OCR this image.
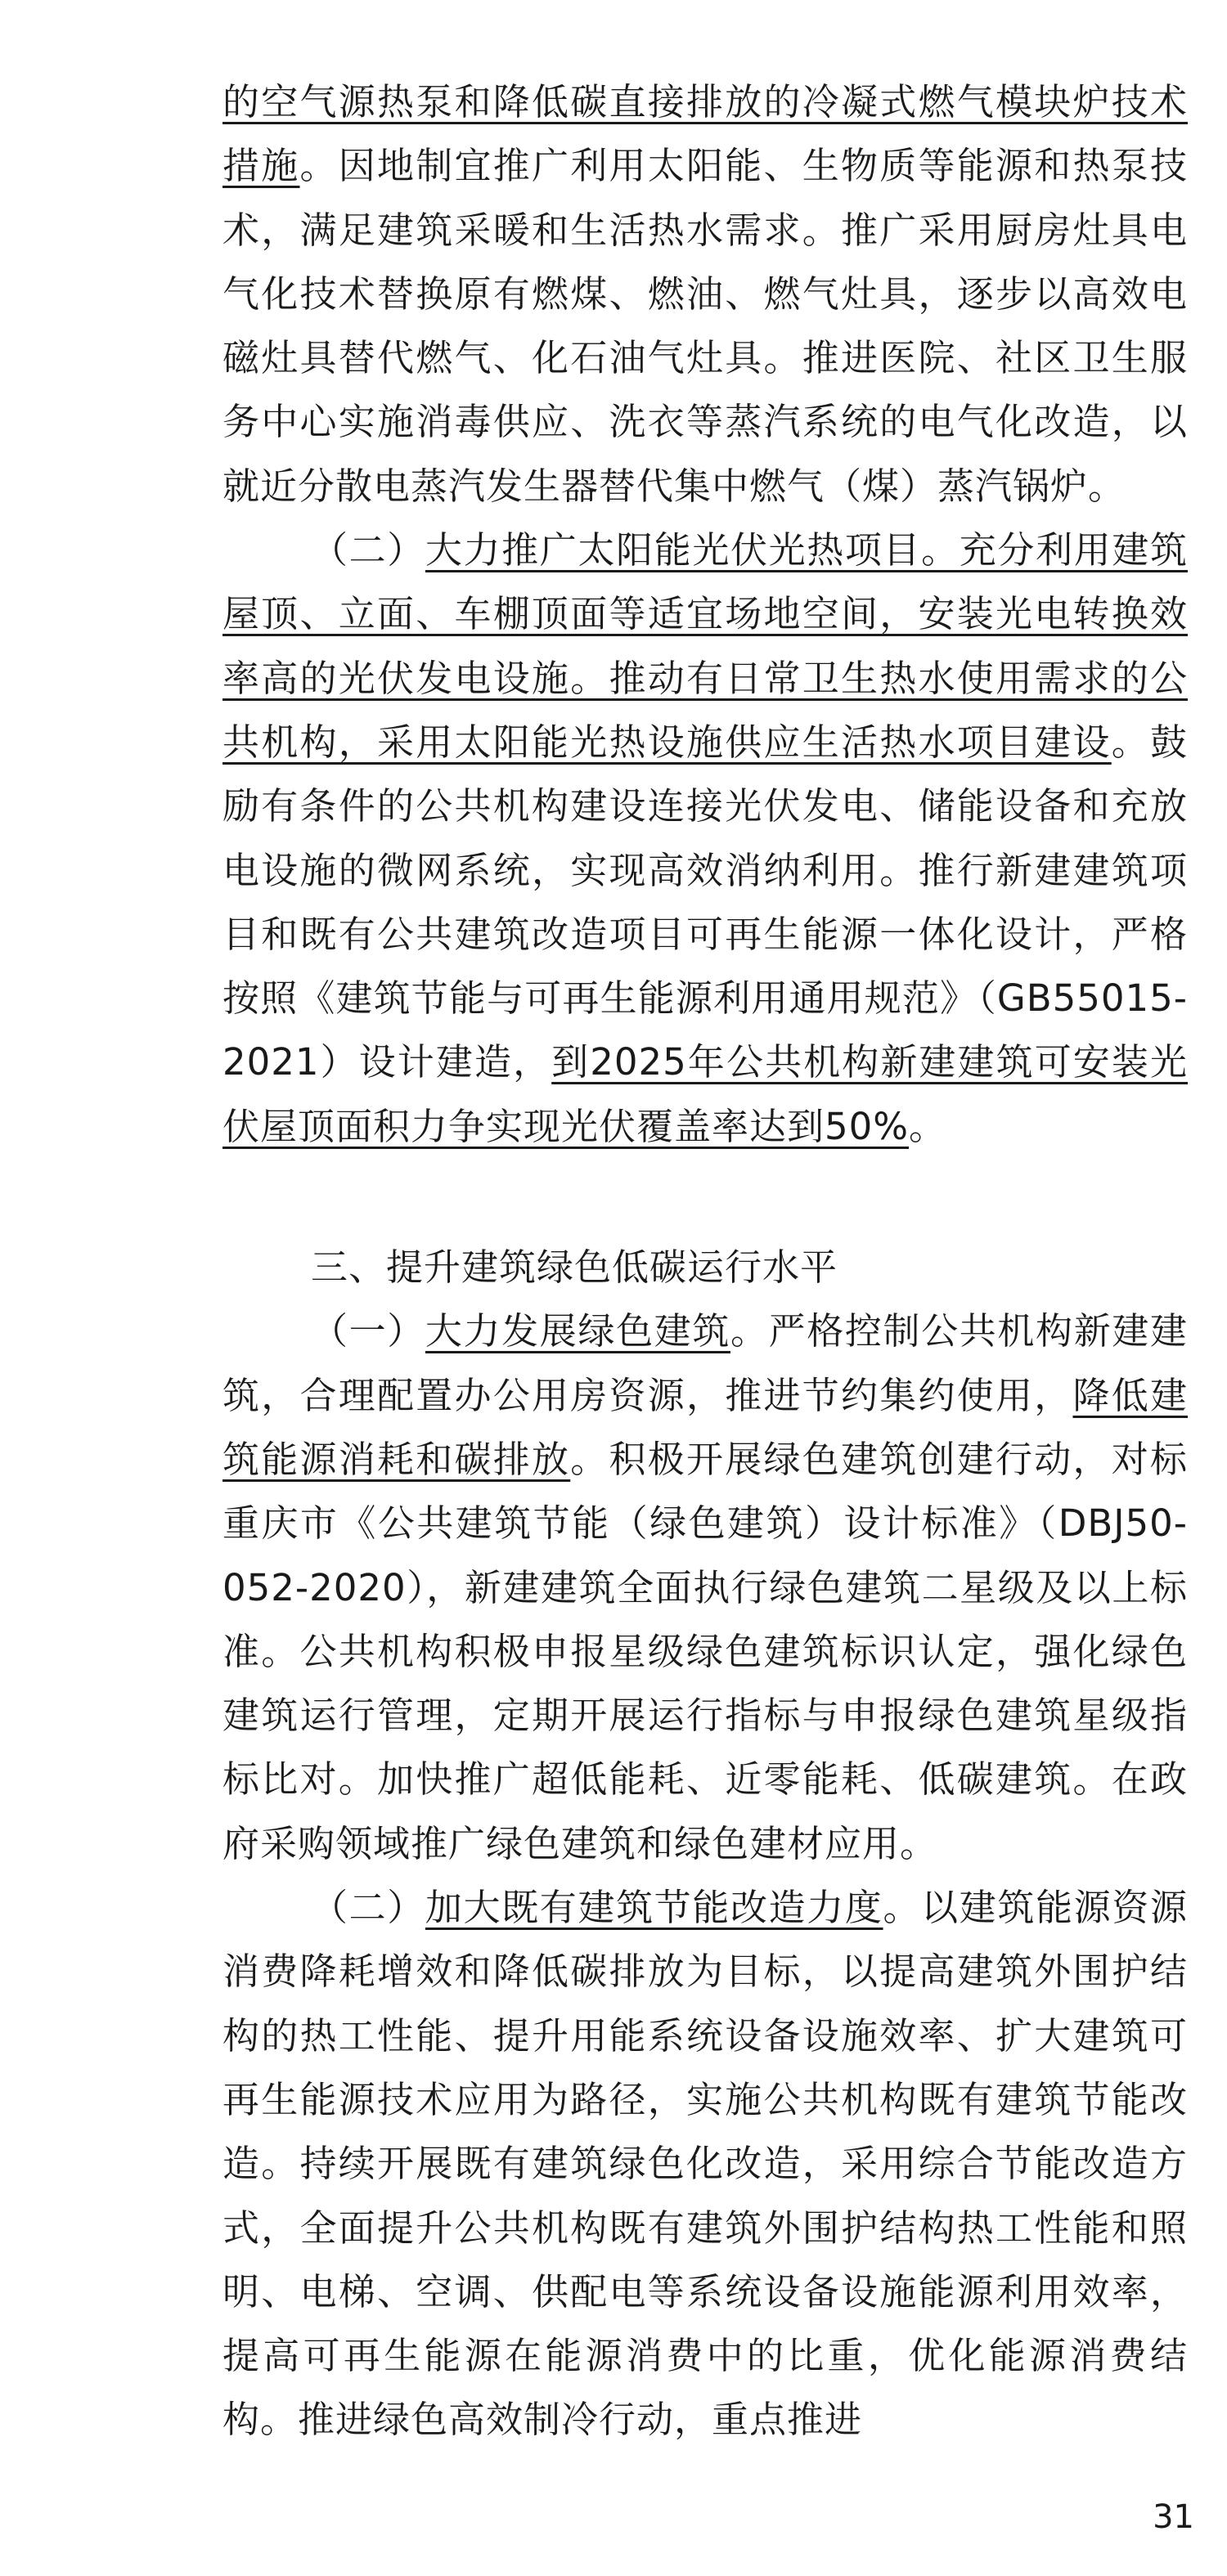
的空气源热泵和降低碳直接排放的冷凝式燃气模块炉技术措施。因地制宜推广利用太阳能、生物质等能源和热泵技术，满足建筑采暖和生活热水需求。推广采用厨房灶具电气化技术替换原有燃煤、燃油、燃气灶具，逐步以高效电磁灶具替代燃气、化石油气灶具。推进医院、社区卫生服务中心实施消毒供应、洗衣等蒸汽系统的电气化改造，以就近分散电蒸汽发生器替代集中燃气（煤）蒸汽锅炉。

（二）大力推广太阳能光伏光热项目。充分利用建筑屋顶、立面、车棚顶面等适宜场地空间，安装光电转换效率高的光伏发电设施。推动有日常卫生热水使用需求的公共机构，采用太阳能光热设施供应生活热水项目建设。鼓励有条件的公共机构建设连接光伏发电、储能设备和充放电设施的微网系统，实现高效消纳利用。推行新建建筑项目和既有公共建筑改造项目可再生能源一体化设计，严格按照《建筑节能与可再生能源利用通用规范》（GB55015-2021）设计建造，到2025年公共机构新建建筑可安装光伏屋顶面积力争实现光伏覆盖率达到50%。

三、提升建筑绿色低碳运行水平

（一）大力发展绿色建筑。严格控制公共机构新建建筑，合理配置办公用房资源，推进节约集约使用，降低建筑能源消耗和碳排放。积极开展绿色建筑创建行动，对标重庆市《公共建筑节能（绿色建筑）设计标准》（DBJ50-052-2020），新建建筑全面执行绿色建筑二星级及以上标准。公共机构积极申报星级绿色建筑标识认定，强化绿色建筑运行管理，定期开展运行指标与申报绿色建筑星级指标比对。加快推广超低能耗、近零能耗、低碳建筑。在政府采购领域推广绿色建筑和绿色建材应用。

（二）加大既有建筑节能改造力度。以建筑能源资源消费降耗增效和降低碳排放为目标，以提高建筑外围护结构的热工性能、提升用能系统设备设施效率、扩大建筑可再生能源技术应用为路径，实施公共机构既有建筑节能改造。持续开展既有建筑绿色化改造，采用综合节能改造方式，全面提升公共机构既有建筑外围护结构热工性能和照明、电梯、空调、供配电等系统设备设施能源利用效率，提高可再生能源在能源消费中的比重，优化能源消费结构。推进绿色高效制冷行动，重点推进

31
